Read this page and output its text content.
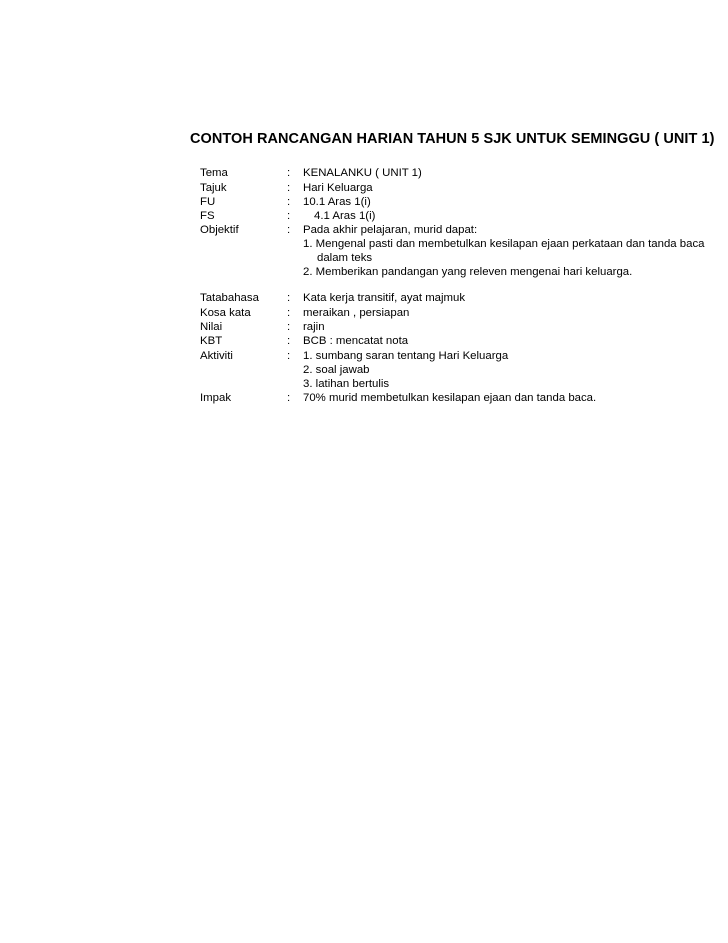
CONTOH RANCANGAN HARIAN TAHUN 5 SJK UNTUK SEMINGGU ( UNIT 1)
Tema	: KENALANKU ( UNIT 1)
Tajuk	: Hari Keluarga
FU	: 10.1 Aras 1(i)
FS	: 4.1 Aras 1(i)
Objektif	: Pada akhir pelajaran, murid dapat:
1. Mengenal pasti dan membetulkan kesilapan ejaan perkataan dan tanda baca
dalam teks
2. Memberikan pandangan yang releven mengenai hari keluarga.
Tatabahasa : Kata kerja transitif, ayat majmuk
Kosa kata	: meraikan , persiapan
Nilai	: rajin
KBT	: BCB : mencatat nota
Aktiviti	: 1. sumbang saran tentang Hari Keluarga
2. soal jawab
3. latihan bertulis
Impak	: 70% murid membetulkan kesilapan ejaan dan tanda baca.
